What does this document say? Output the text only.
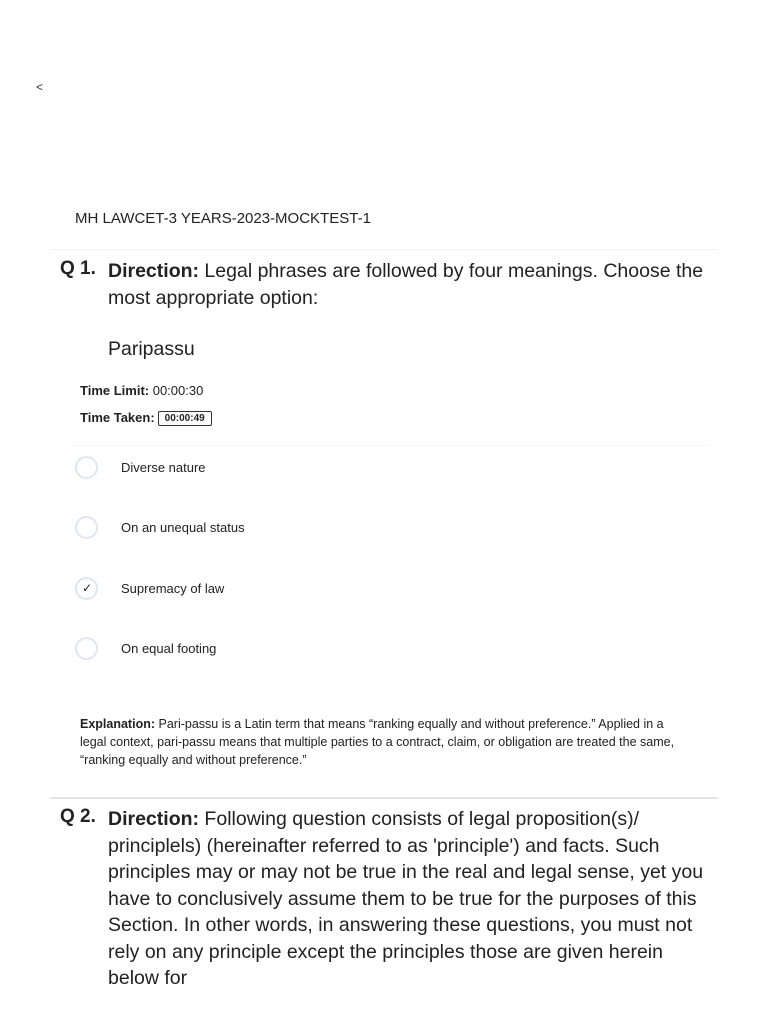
<
MH LAWCET-3 YEARS-2023-MOCKTEST-1
Q 1. Direction: Legal phrases are followed by four meanings. Choose the most appropriate option:
Paripassu
Time Limit: 00:00:30
Time Taken: 00:00:49
Diverse nature
On an unequal status
✓ Supremacy of law
On equal footing
Explanation: Pari-passu is a Latin term that means “ranking equally and without preference.” Applied in a legal context, pari-passu means that multiple parties to a contract, claim, or obligation are treated the same, “ranking equally and without preference.”
Q 2. Direction: Following question consists of legal proposition(s)/ principlels) (hereinafter referred to as 'principle') and facts. Such principles may or may not be true in the real and legal sense, yet you have to conclusively assume them to be true for the purposes of this Section. In other words, in answering these questions, you must not rely on any principle except the principles those are given herein below for
